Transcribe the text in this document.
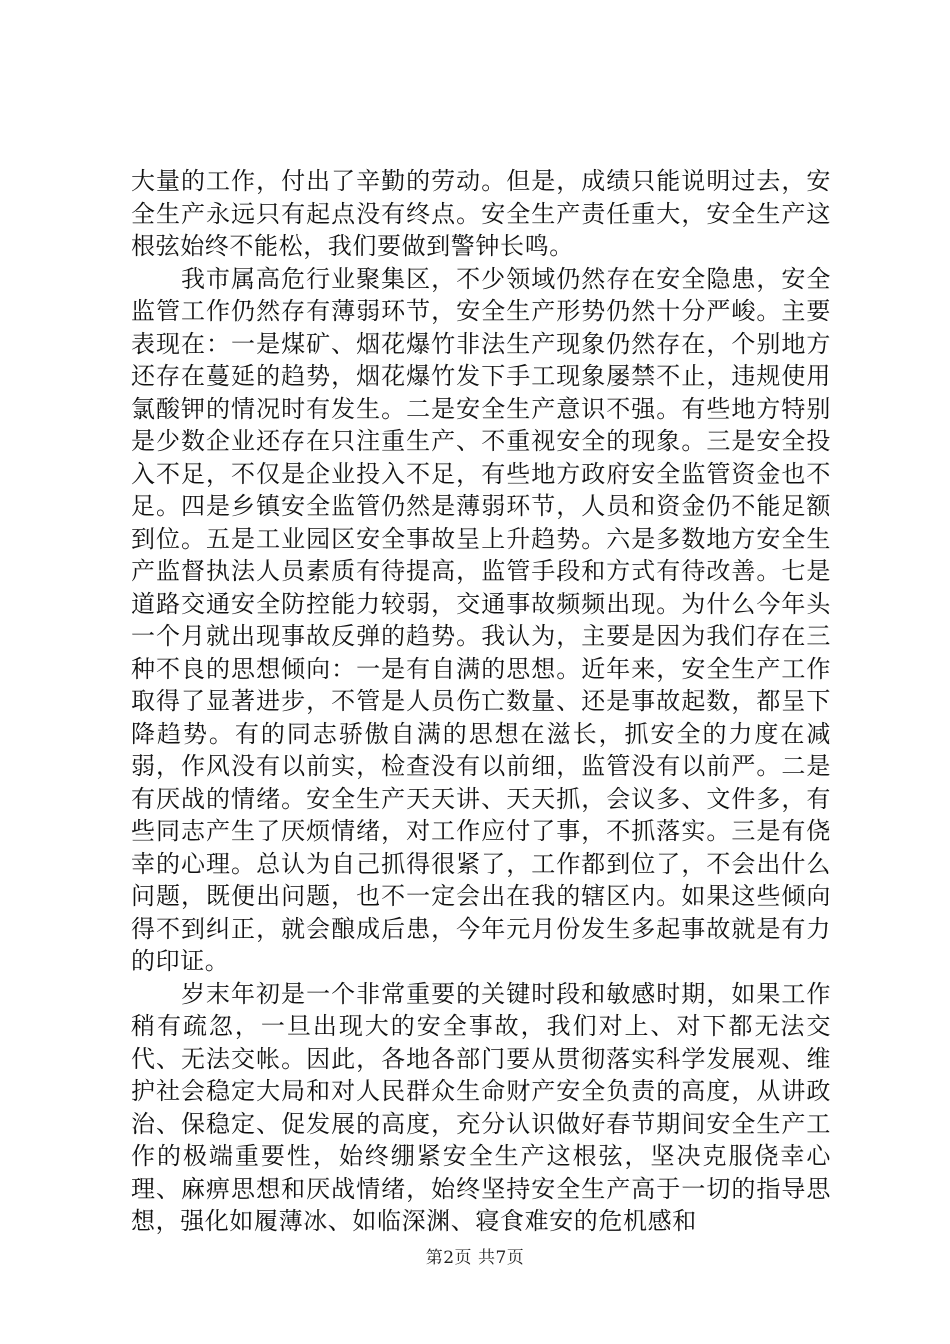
大量的工作，付出了辛勤的劳动。但是，成绩只能说明过去，安全生产永远只有起点没有终点。安全生产责任重大，安全生产这根弦始终不能松，我们要做到警钟长鸣。

我市属高危行业聚集区，不少领域仍然存在安全隐患，安全监管工作仍然存有薄弱环节，安全生产形势仍然十分严峻。主要表现在：一是煤矿、烟花爆竹非法生产现象仍然存在，个别地方还存在蔓延的趋势，烟花爆竹发下手工现象屡禁不止，违规使用氯酸钾的情况时有发生。二是安全生产意识不强。有些地方特别是少数企业还存在只注重生产、不重视安全的现象。三是安全投入不足，不仅是企业投入不足，有些地方政府安全监管资金也不足。四是乡镇安全监管仍然是薄弱环节，人员和资金仍不能足额到位。五是工业园区安全事故呈上升趋势。六是多数地方安全生产监督执法人员素质有待提高，监管手段和方式有待改善。七是道路交通安全防控能力较弱，交通事故频频出现。为什么今年头一个月就出现事故反弹的趋势。我认为，主要是因为我们存在三种不良的思想倾向：一是有自满的思想。近年来，安全生产工作取得了显著进步，不管是人员伤亡数量、还是事故起数，都呈下降趋势。有的同志骄傲自满的思想在滋长，抓安全的力度在减弱，作风没有以前实，检查没有以前细，监管没有以前严。二是有厌战的情绪。安全生产天天讲、天天抓，会议多、文件多，有些同志产生了厌烦情绪，对工作应付了事，不抓落实。三是有侥幸的心理。总认为自己抓得很紧了，工作都到位了，不会出什么问题，既便出问题，也不一定会出在我的辖区内。如果这些倾向得不到纠正，就会酿成后患，今年元月份发生多起事故就是有力的印证。

岁末年初是一个非常重要的关键时段和敏感时期，如果工作稍有疏忽，一旦出现大的安全事故，我们对上、对下都无法交代、无法交帐。因此，各地各部门要从贯彻落实科学发展观、维护社会稳定大局和对人民群众生命财产安全负责的高度，从讲政治、保稳定、促发展的高度，充分认识做好春节期间安全生产工作的极端重要性，始终绷紧安全生产这根弦，坚决克服侥幸心理、麻痹思想和厌战情绪，始终坚持安全生产高于一切的指导思想，强化如履薄冰、如临深渊、寝食难安的危机感和

第2页 共7页
